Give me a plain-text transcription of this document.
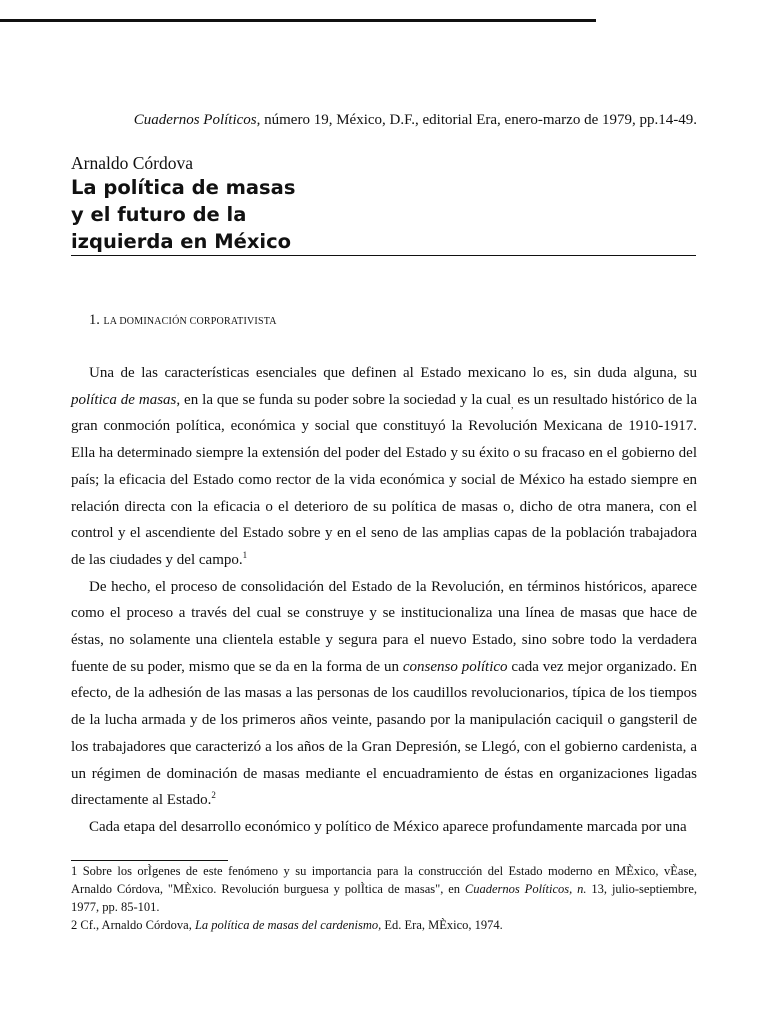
Cuadernos Políticos, número 19, México, D.F., editorial Era, enero-marzo de 1979, pp.14-49.
Arnaldo Córdova
La política de masas
y el futuro de la
izquierda en México
1. LA DOMINACIÓN CORPORATIVISTA

Una de las características esenciales que definen al Estado mexicano lo es, sin duda alguna, su política de masas, en la que se funda su poder sobre la sociedad y la cual$_,$ es un resultado histórico de la gran conmoción política, económica y social que constituyó la Revolución Mexicana de 1910-1917. Ella ha determinado siempre la extensión del poder del Estado y su éxito o su fracaso en el gobierno del país; la eficacia del Estado como rector de la vida económica y social de México ha estado siempre en relación directa con la eficacia o el deterioro de su política de masas o, dicho de otra manera, con el control y el ascendiente del Estado sobre y en el seno de las amplias capas de la población trabajadora de las ciudades y del campo.$^1$

De hecho, el proceso de consolidación del Estado de la Revolución, en términos históricos, aparece como el proceso a través del cual se construye y se institucionaliza una línea de masas que hace de éstas, no solamente una clientela estable y segura para el nuevo Estado, sino sobre todo la verdadera fuente de su poder, mismo que se da en la forma de un consenso político cada vez mejor organizado. En efecto, de la adhesión de las masas a las personas de los caudillos revolucionarios, típica de los tiempos de la lucha armada y de los primeros años veinte, pasando por la manipulación caciquil o gangsteril de los trabajadores que caracterizó a los años de la Gran Depresión, se Llegó, con el gobierno cardenista, a un régimen de dominación de masas mediante el encuadramiento de éstas en organizaciones ligadas directamente al Estado.$^2$

Cada etapa del desarrollo económico y político de México aparece profundamente marcada por una

1 Sobre los orÌgenes de este fenómeno y su importancia para la construcción del Estado moderno en MÈxico, vÈase, Arnaldo Córdova, "MÈxico. Revolución burguesa y polÌtica de masas", en Cuadernos Políticos, n. 13, julio-septiembre, 1977, pp. 85-101.

2 Cf., Arnaldo Córdova, La política de masas del cardenismo, Ed. Era, MÈxico, 1974.
